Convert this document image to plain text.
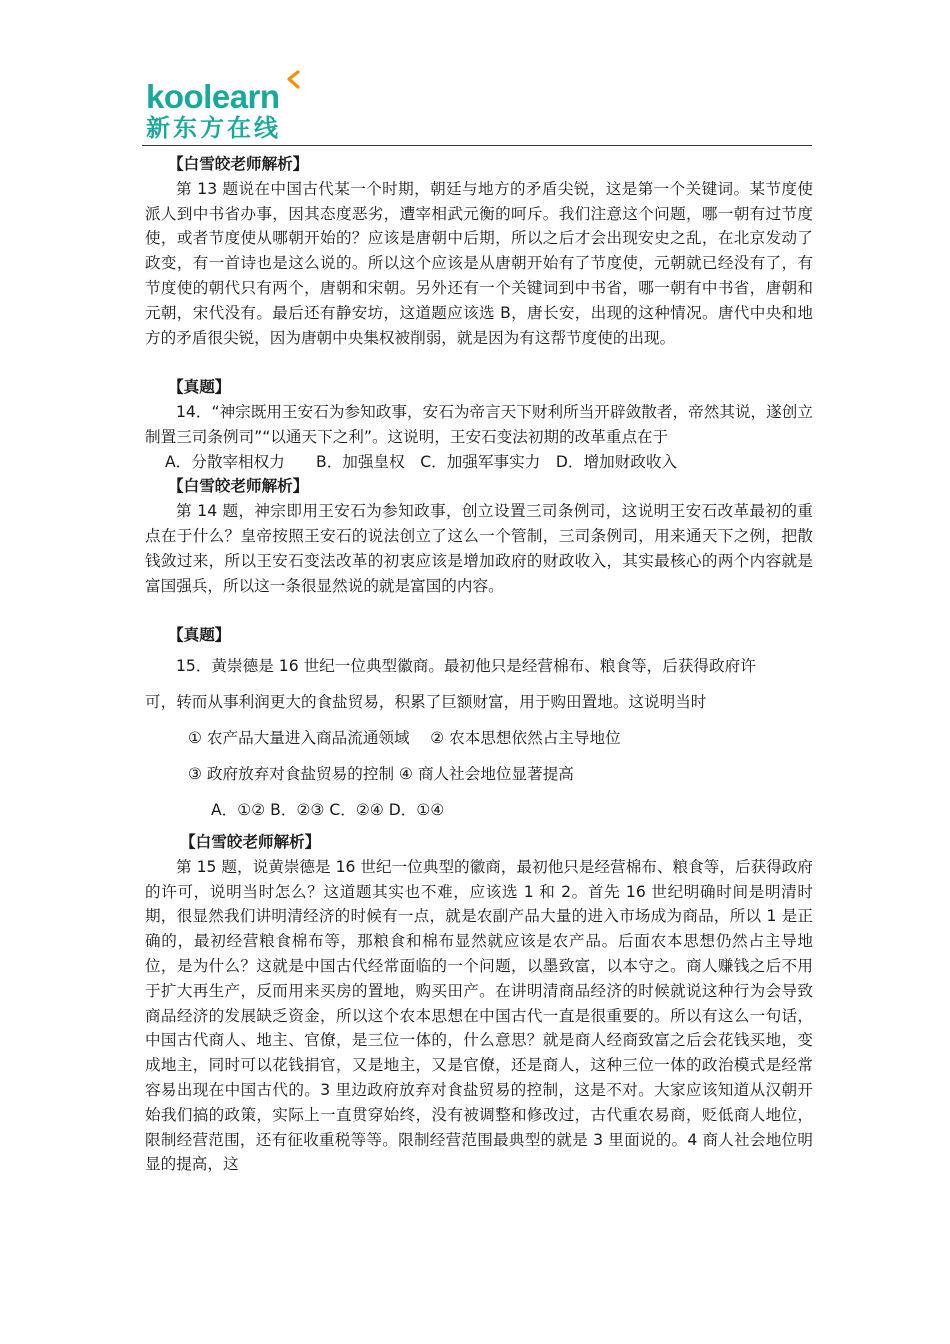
koolearn
新东方在线

【白雪皎老师解析】

第 13 题说在中国古代某一个时期，朝廷与地方的矛盾尖锐，这是第一个关键词。某节度使派人到中书省办事，因其态度恶劣，遭宰相武元衡的呵斥。我们注意这个问题，哪一朝有过节度使，或者节度使从哪朝开始的？应该是唐朝中后期，所以之后才会出现安史之乱，在北京发动了政变，有一首诗也是这么说的。所以这个应该是从唐朝开始有了节度使，元朝就已经没有了，有节度使的朝代只有两个，唐朝和宋朝。另外还有一个关键词到中书省，哪一朝有中书省，唐朝和元朝，宋代没有。最后还有静安坊，这道题应该选 B，唐长安，出现的这种情况。唐代中央和地方的矛盾很尖锐，因为唐朝中央集权被削弱，就是因为有这帮节度使的出现。

【真题】

14．“神宗既用王安石为参知政事，安石为帝言天下财利所当开辟敛散者，帝然其说，遂创立制置三司条例司”“以通天下之利”。这说明，王安石变法初期的改革重点在于

A．分散宰相权力　　B．加强皇权　C．加强军事实力　D．增加财政收入

【白雪皎老师解析】

第 14 题，神宗即用王安石为参知政事，创立设置三司条例司，这说明王安石改革最初的重点在于什么？皇帝按照王安石的说法创立了这么一个管制，三司条例司，用来通天下之例，把散钱敛过来，所以王安石变法改革的初衷应该是增加政府的财政收入，其实最核心的两个内容就是富国强兵，所以这一条很显然说的就是富国的内容。

【真题】

15．黄崇德是 16 世纪一位典型徽商。最初他只是经营棉布、粮食等，后获得政府许

可，转而从事利润更大的食盐贸易，积累了巨额财富，用于购田置地。这说明当时

① 农产品大量进入商品流通领域　 ② 农本思想依然占主导地位

③ 政府放弃对食盐贸易的控制 ④ 商人社会地位显著提高

A．①② B．②③ C．②④ D．①④

【白雪皎老师解析】

第 15 题，说黄崇德是 16 世纪一位典型的徽商，最初他只是经营棉布、粮食等，后获得政府的许可，说明当时怎么？这道题其实也不难，应该选 1 和 2。首先 16 世纪明确时间是明清时期，很显然我们讲明清经济的时候有一点，就是农副产品大量的进入市场成为商品，所以 1 是正确的，最初经营粮食棉布等，那粮食和棉布显然就应该是农产品。后面农本思想仍然占主导地位，是为什么？这就是中国古代经常面临的一个问题，以墨致富，以本守之。商人赚钱之后不用于扩大再生产，反而用来买房的置地，购买田产。在讲明清商品经济的时候就说这种行为会导致商品经济的发展缺乏资金，所以这个农本思想在中国古代一直是很重要的。所以有这么一句话，中国古代商人、地主、官僚，是三位一体的，什么意思？就是商人经商致富之后会花钱买地，变成地主，同时可以花钱捐官，又是地主，又是官僚，还是商人，这种三位一体的政治模式是经常容易出现在中国古代的。3 里边政府放弃对食盐贸易的控制，这是不对。大家应该知道从汉朝开始我们搞的政策，实际上一直贯穿始终，没有被调整和修改过，古代重农易商，贬低商人地位，限制经营范围，还有征收重税等等。限制经营范围最典型的就是 3 里面说的。4 商人社会地位明显的提高，这
